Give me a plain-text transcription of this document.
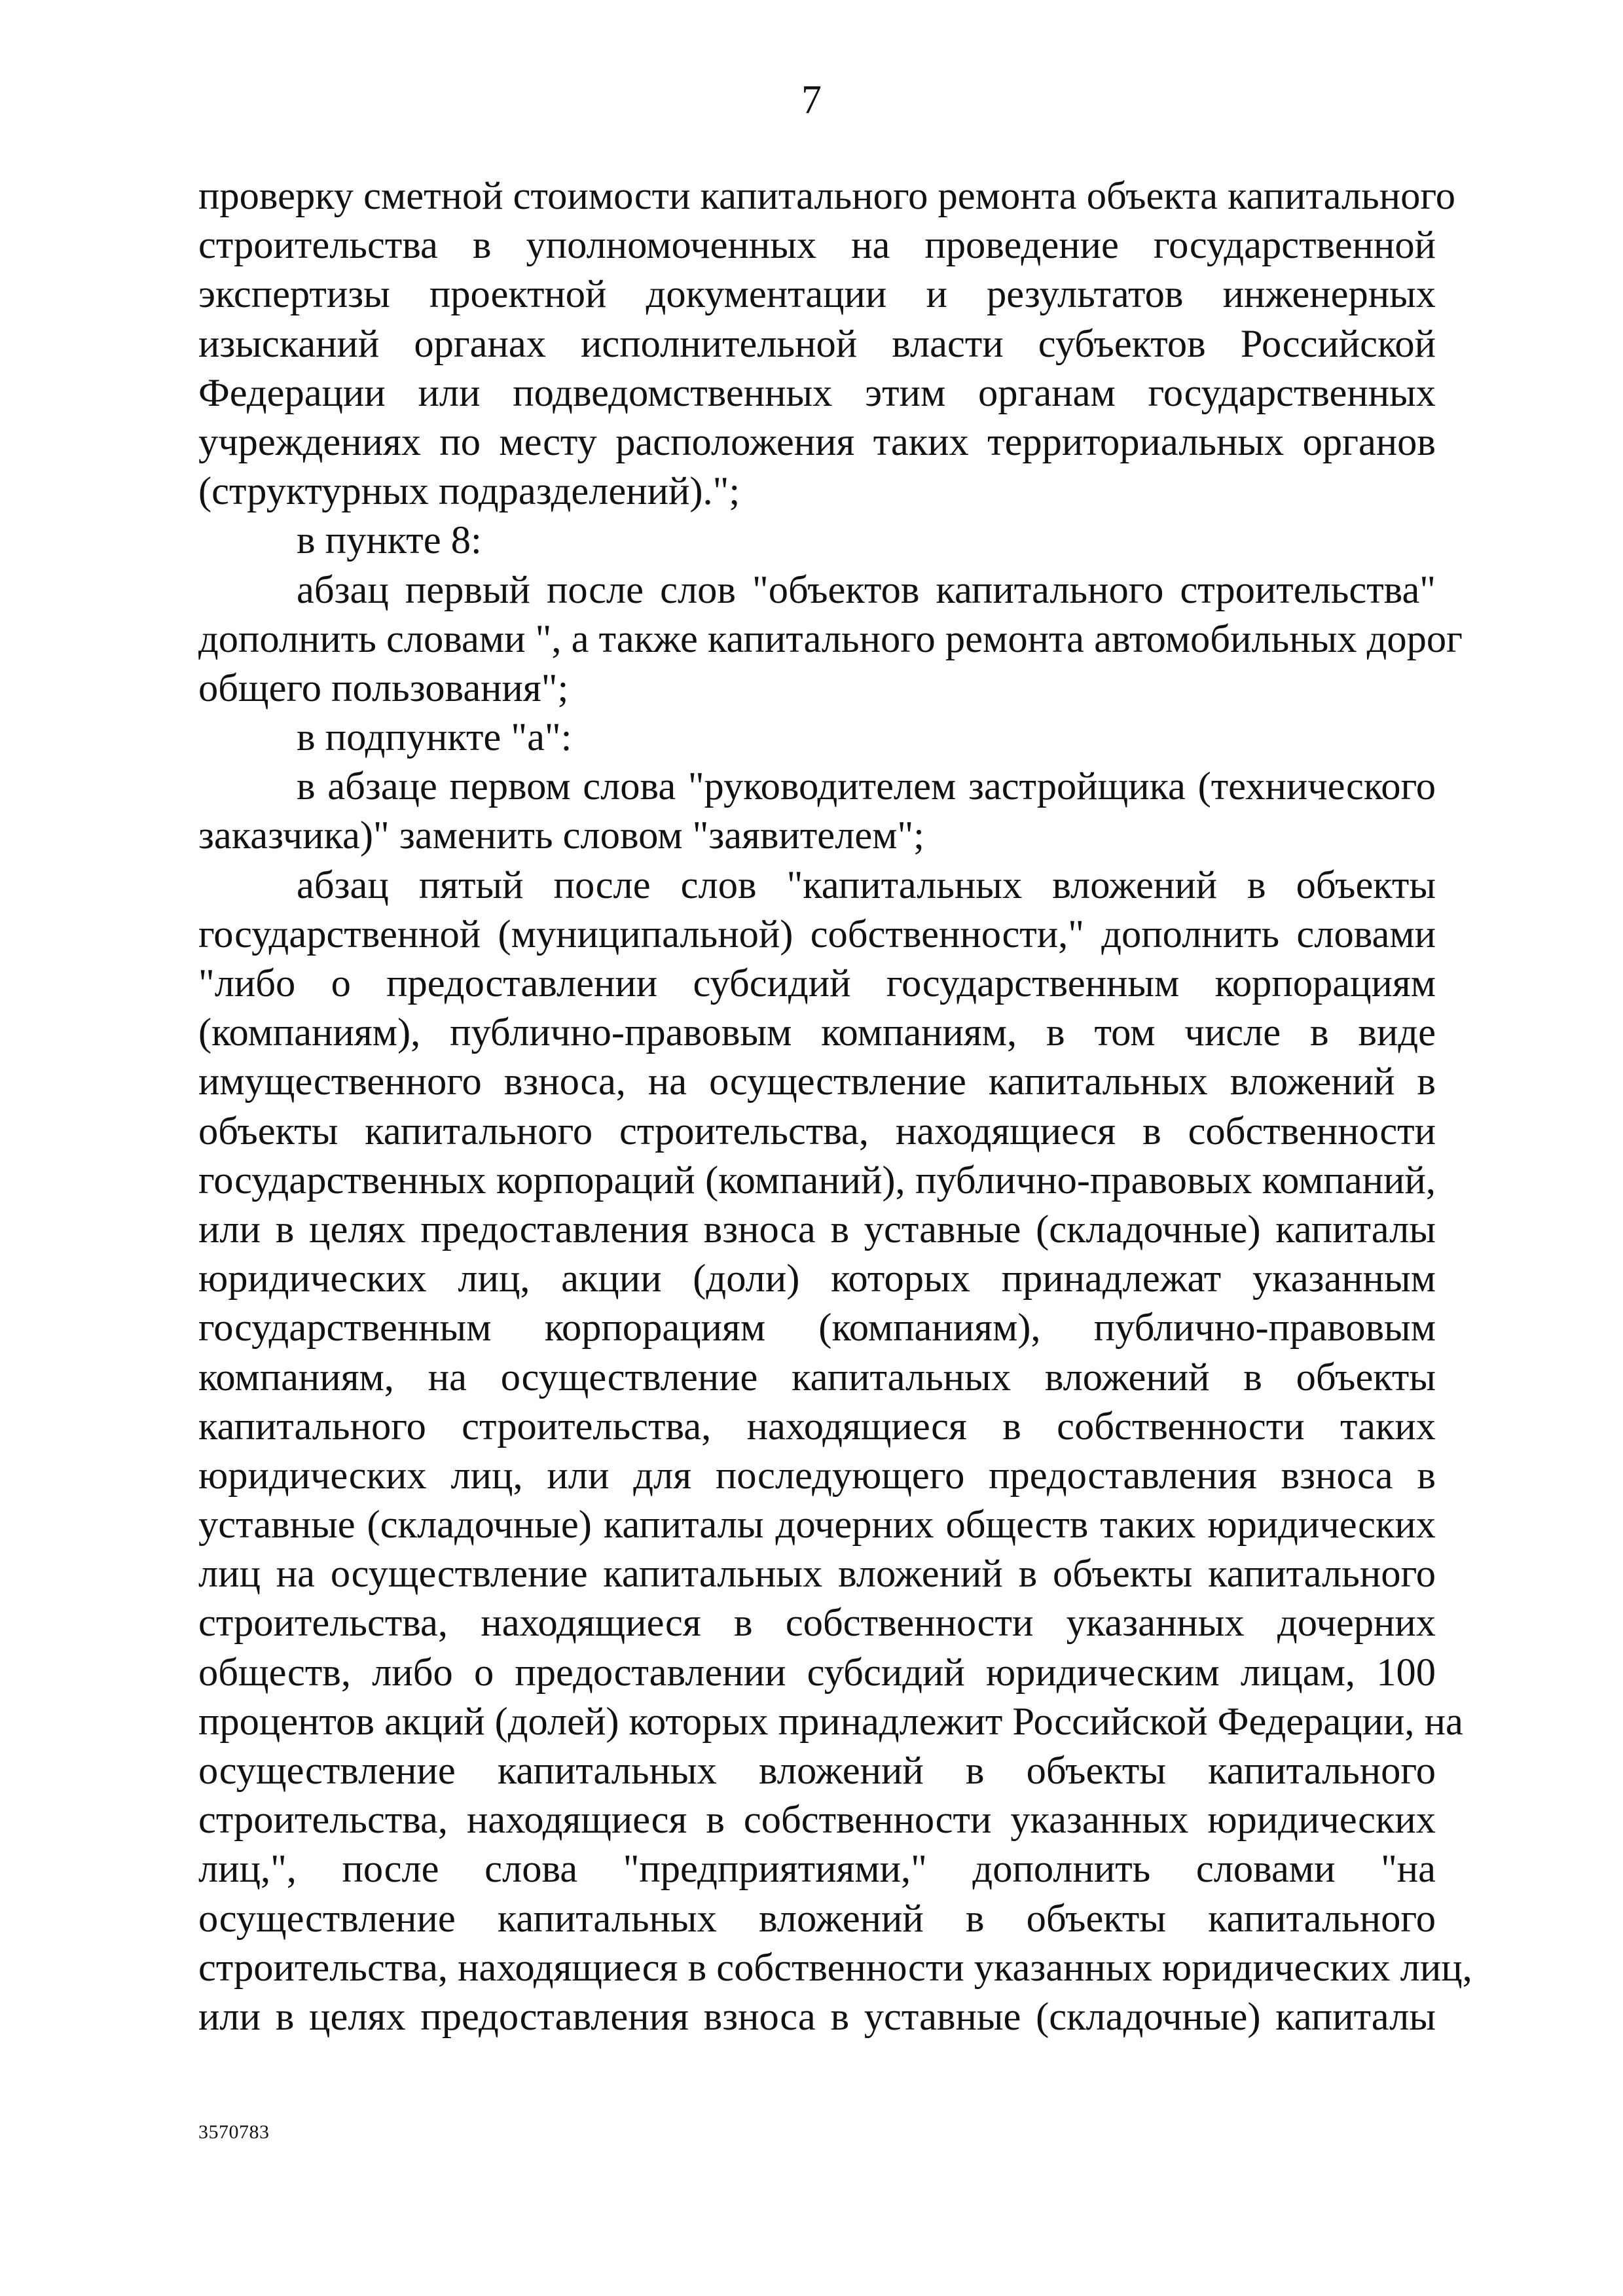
7
проверку сметной стоимости капитального ремонта объекта капитального
строительства в уполномоченных на проведение государственной
экспертизы проектной документации и результатов инженерных
изысканий органах исполнительной власти субъектов Российской
Федерации или подведомственных этим органам государственных
учреждениях по месту расположения таких территориальных органов
(структурных подразделений).";
в пункте 8:
абзац первый после слов "объектов капитального строительства"
дополнить словами ", а также капитального ремонта автомобильных дорог
общего пользования";
в подпункте "а":
в абзаце первом слова "руководителем застройщика (технического
заказчика)" заменить словом "заявителем";
абзац пятый после слов "капитальных вложений в объекты
государственной (муниципальной) собственности," дополнить словами
"либо о предоставлении субсидий государственным корпорациям
(компаниям), публично-правовым компаниям, в том числе в виде
имущественного взноса, на осуществление капитальных вложений в
объекты капитального строительства, находящиеся в собственности
государственных корпораций (компаний), публично-правовых компаний,
или в целях предоставления взноса в уставные (складочные) капиталы
юридических лиц, акции (доли) которых принадлежат указанным
государственным корпорациям (компаниям), публично-правовым
компаниям, на осуществление капитальных вложений в объекты
капитального строительства, находящиеся в собственности таких
юридических лиц, или для последующего предоставления взноса в
уставные (складочные) капиталы дочерних обществ таких юридических
лиц на осуществление капитальных вложений в объекты капитального
строительства, находящиеся в собственности указанных дочерних
обществ, либо о предоставлении субсидий юридическим лицам, 100
процентов акций (долей) которых принадлежит Российской Федерации, на
осуществление капитальных вложений в объекты капитального
строительства, находящиеся в собственности указанных юридических
лиц,", после слова "предприятиями," дополнить словами "на
осуществление капитальных вложений в объекты капитального
строительства, находящиеся в собственности указанных юридических лиц,
или в целях предоставления взноса в уставные (складочные) капиталы
3570783
